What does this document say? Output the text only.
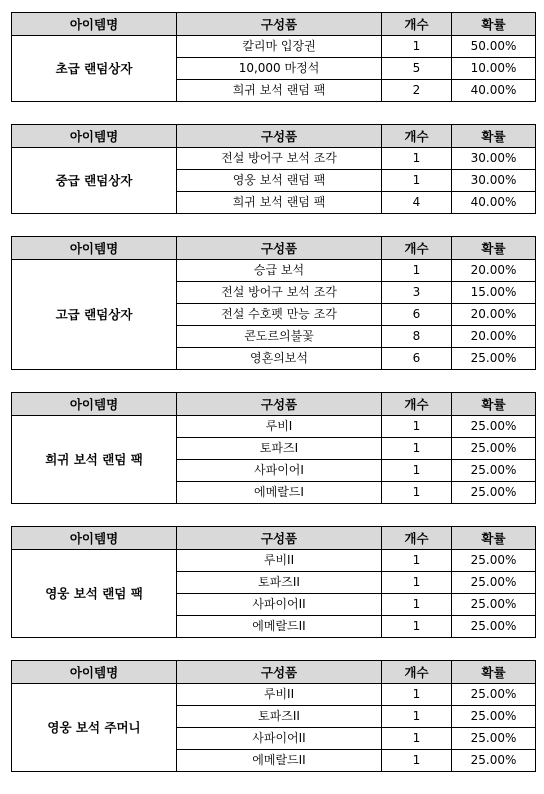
아이템명	구성품	개수	확률
초급 랜덤상자	칼리마 입장권	1	50.00%
	10,000 마정석	5	10.00%
	희귀 보석 랜덤 팩	2	40.00%
아이템명	구성품	개수	확률
중급 랜덤상자	전설 방어구 보석 조각	1	30.00%
	영웅 보석 랜덤 팩	1	30.00%
	희귀 보석 랜덤 팩	4	40.00%
아이템명	구성품	개수	확률
고급 랜덤상자	승급 보석	1	20.00%
	전설 방어구 보석 조각	3	15.00%
	전설 수호펫 만능 조각	6	20.00%
	콘도르의불꽃	8	20.00%
	영혼의보석	6	25.00%
아이템명	구성품	개수	확률
희귀 보석 랜덤 팩	루비I	1	25.00%
	토파즈I	1	25.00%
	사파이어I	1	25.00%
	에메랄드I	1	25.00%
아이템명	구성품	개수	확률
영웅 보석 랜덤 팩	루비II	1	25.00%
	토파즈II	1	25.00%
	사파이어II	1	25.00%
	에메랄드II	1	25.00%
아이템명	구성품	개수	확률
영웅 보석 주머니	루비II	1	25.00%
	토파즈II	1	25.00%
	사파이어II	1	25.00%
	에메랄드II	1	25.00%
